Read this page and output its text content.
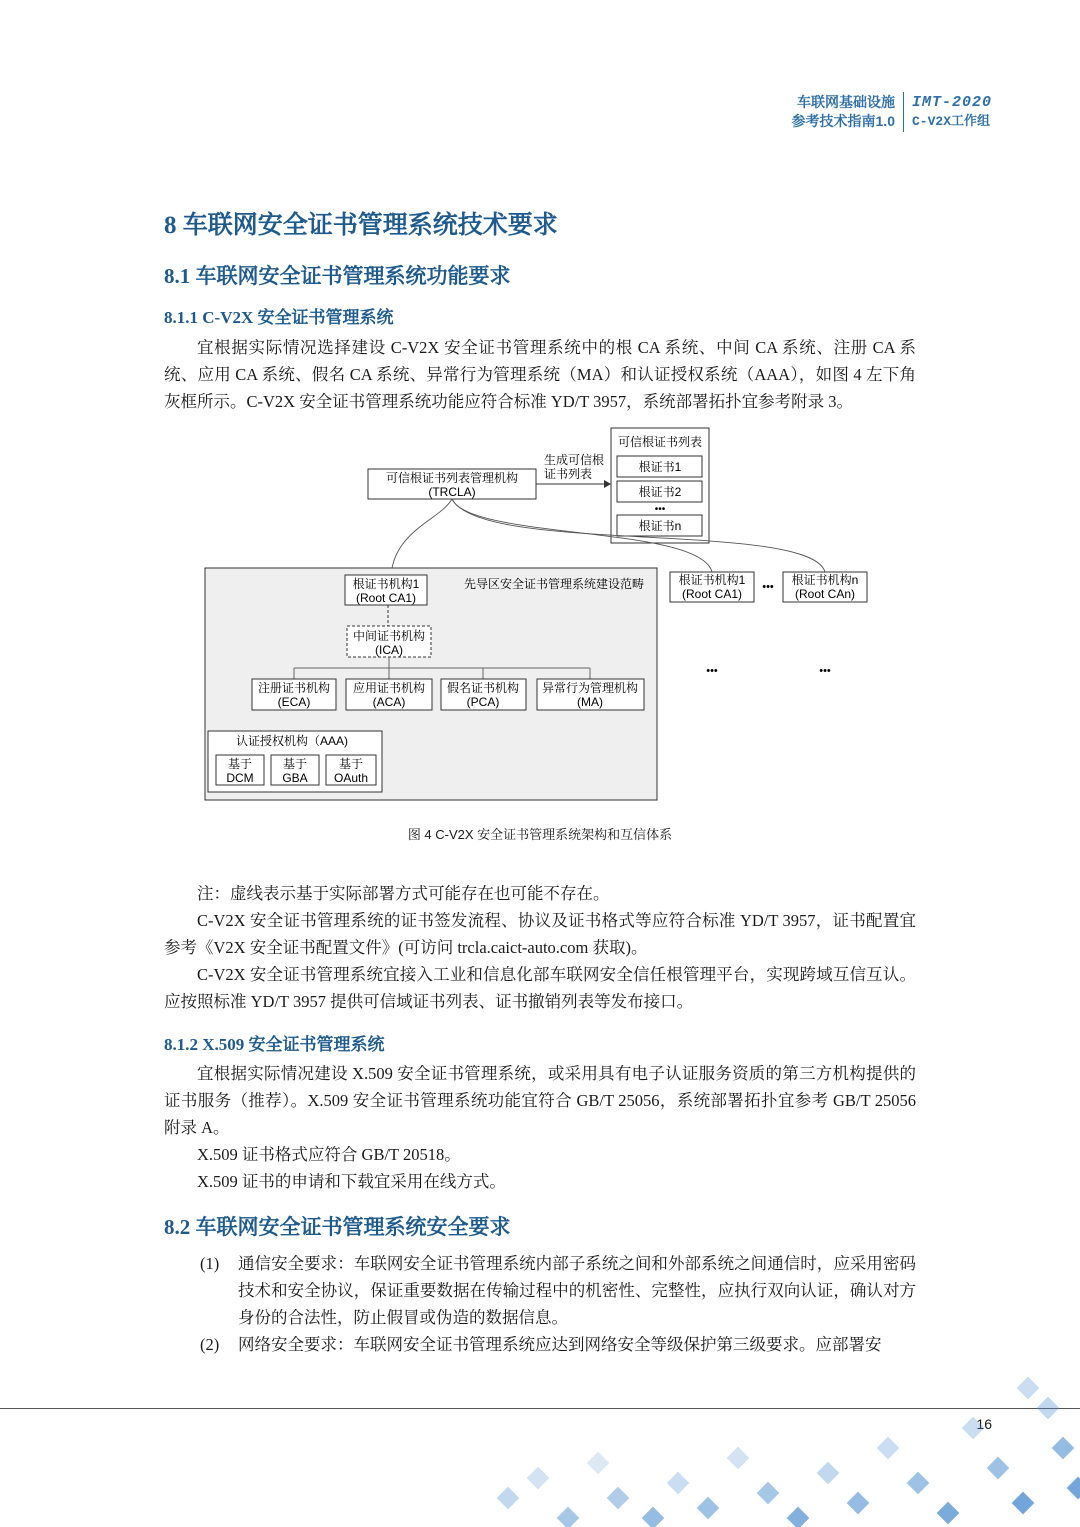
车联网基础设施
参考技术指南1.0
IMT-2020
C-V2X工作组
8 车联网安全证书管理系统技术要求
8.1 车联网安全证书管理系统功能要求
8.1.1 C-V2X 安全证书管理系统

宜根据实际情况选择建设 C-V2X 安全证书管理系统中的根 CA 系统、中间 CA 系统、注册 CA 系统、应用 CA 系统、假名 CA 系统、异常行为管理系统（MA）和认证授权系统（AAA），如图 4 左下角灰框所示。C-V2X 安全证书管理系统功能应符合标准 YD/T 3957，系统部署拓扑宜参考附录 3。

可信根证书列表管理机构
(TRCLA)
生成可信根
证书列表
可信根证书列表
根证书1
根证书2
•••
根证书n
先导区安全证书管理系统建设范畴
根证书机构1
(Root CA1)
中间证书机构
(ICA)
注册证书机构
(ECA)
应用证书机构
(ACA)
假名证书机构
(PCA)
异常行为管理机构
(MA)
认证授权机构（AAA)
基于
DCM
基于
GBA
基于
OAuth
根证书机构1
(Root CA1) ••• 根证书机构n
(Root CAn)
•••	•••
图 4 C-V2X 安全证书管理系统架构和互信体系

注：虚线表示基于实际部署方式可能存在也可能不存在。

C-V2X 安全证书管理系统的证书签发流程、协议及证书格式等应符合标准 YD/T 3957，证书配置宜参考《V2X 安全证书配置文件》(可访问 trcla.caict-auto.com 获取)。

C-V2X 安全证书管理系统宜接入工业和信息化部车联网安全信任根管理平台，实现跨域互信互认。应按照标准 YD/T 3957 提供可信域证书列表、证书撤销列表等发布接口。

8.1.2 X.509 安全证书管理系统

宜根据实际情况建设 X.509 安全证书管理系统，或采用具有电子认证服务资质的第三方机构提供的证书服务（推荐）。X.509 安全证书管理系统功能宜符合 GB/T 25056，系统部署拓扑宜参考 GB/T 25056 附录 A。

X.509 证书格式应符合 GB/T 20518。

X.509 证书的申请和下载宜采用在线方式。

8.2 车联网安全证书管理系统安全要求
(1)	通信安全要求：车联网安全证书管理系统内部子系统之间和外部系统之间通信时，应采用密码技术和安全协议，保证重要数据在传输过程中的机密性、完整性，应执行双向认证，确认对方身份的合法性，防止假冒或伪造的数据信息。
(2)	网络安全要求：车联网安全证书管理系统应达到网络安全等级保护第三级要求。应部署安
16
